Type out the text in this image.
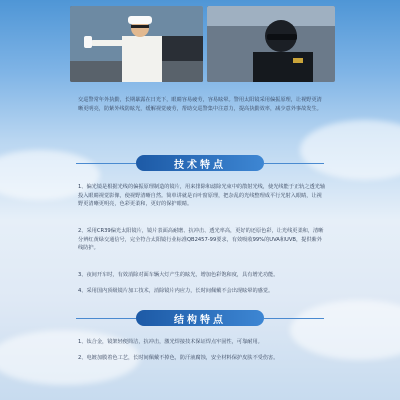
交巡警常年外执勤，长期暴露在日光下，眼睛容易疲劳，容易眩晕。警用太阳镜采用偏振原理，让视野更清晰更明亮，防紫外线防眩光，缓解视觉疲劳，帮助交巡警集中注意力，提高执勤效率，减少意外事故发生。

技术特点

1、偏光镜是根据光线的偏振原理制造的镜片，用来排除和滤除光束中的散射光线，使光线能于正轨之透光轴投入眼睛视觉影像，使视野清晰自然。简单讲就是百叶窗原理，把杂乱的光线整理成平行光射入眼睛，让视野更清晰更明亮，色彩更柔和，更好的保护眼睛。

2、采用CR39偏光太阳镜片，镜片表面高耐磨、抗冲击、透光率高，更好的还原色彩，让光线更柔和，清晰分辨红黄绿交通信号，完全符合太阳镜行业标准QB2457-99要求，有效吸收99%的UVA和UVB，提供紫外线防护。

3、夜间开车时，有效消除对面车辆大灯产生的眩光，增加色彩饱和度，具有增光功能。

4、采用国内顶级镜片加工技术，消除镜片内应力，长时间佩戴不会出现眩晕的感觉。

结构特点

1、钛合金，镜架轻便简洁，抗冲击，激光焊接技术保证焊点牢固性，可靠耐用。

2、电镀加膜着色工艺，长时间佩戴不掉色，防汗液腐蚀，安全材料保护皮肤不受伤害。
